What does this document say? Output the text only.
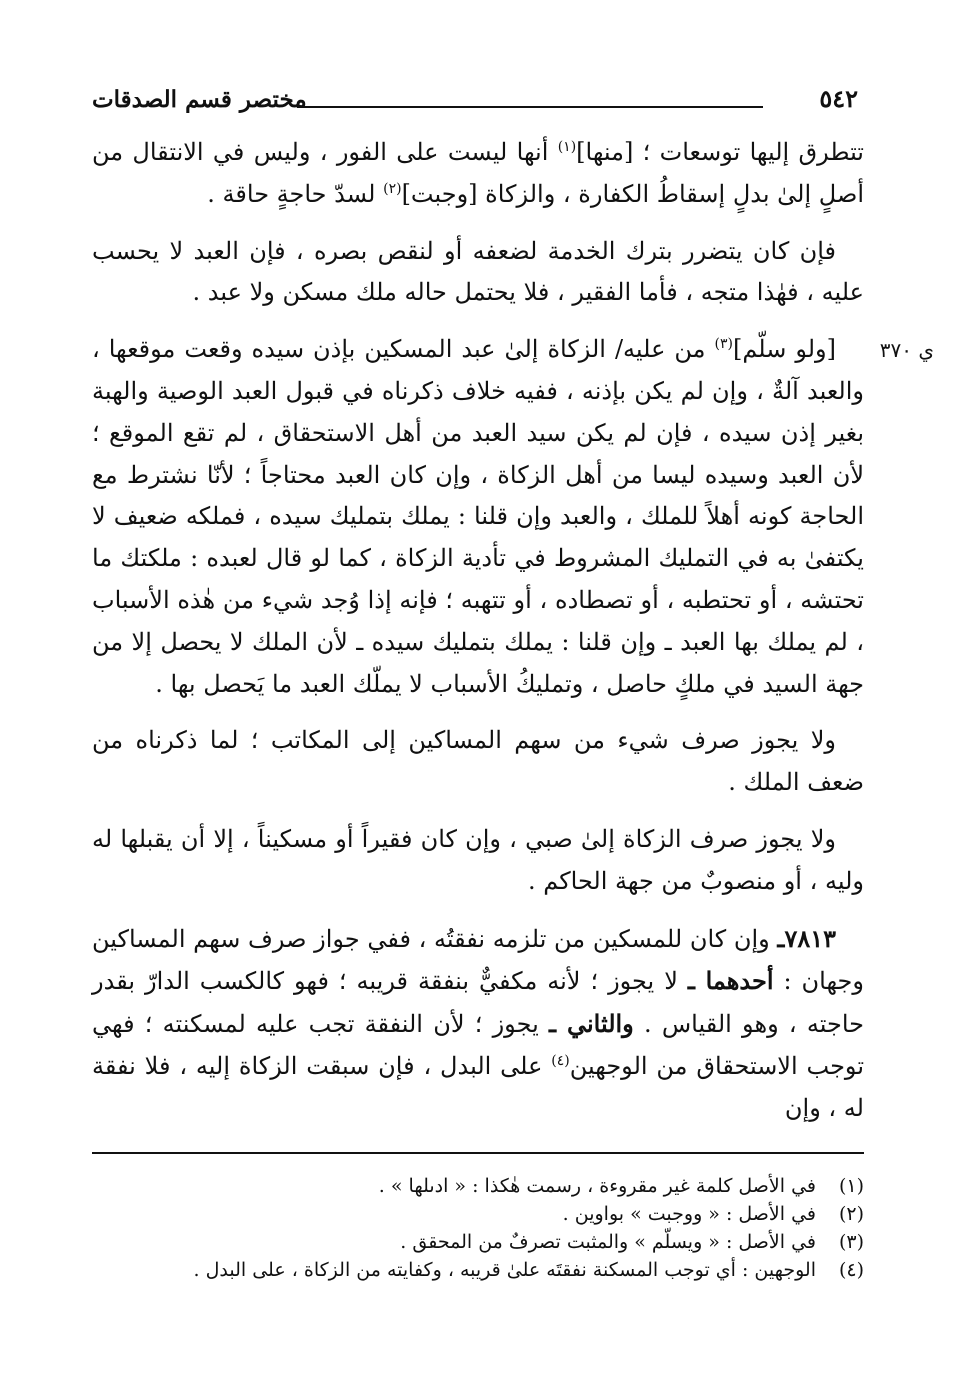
٥٤٢
مختصر قسم الصدقات
ي ٣٧٠

تتطرق إليها توسعات ؛ [منها]$^{(١)}$ أنها ليست على الفور ، وليس في الانتقال من أصلٍ إلىٰ بدلٍ إسقاطُ الكفارة ، والزكاة [وجبت]$^{(٢)}$ لسدّ حاجةٍ حاقة .

فإن كان يتضرر بترك الخدمة لضعفه أو لنقص بصره ، فإن العبد لا يحسب عليه ، فهٰذا متجه ، فأما الفقير ، فلا يحتمل حاله ملك مسكن ولا عبد .

[ولو سلّم]$^{(٣)}$ من عليه/ الزكاة إلىٰ عبد المسكين بإذن سيده وقعت موقعها ، والعبد آلةٌ ، وإن لم يكن بإذنه ، ففيه خلاف ذكرناه في قبول العبد الوصية والهبة بغير إذن سيده ، فإن لم يكن سيد العبد من أهل الاستحقاق ، لم تقع الموقع ؛ لأن العبد وسيده ليسا من أهل الزكاة ، وإن كان العبد محتاجاً ؛ لأنّا نشترط مع الحاجة كونه أهلاً للملك ، والعبد وإن قلنا : يملك بتمليك سيده ، فملكه ضعيف لا يكتفىٰ به في التمليك المشروط في تأدية الزكاة ، كما لو قال لعبده : ملكتك ما تحتشه ، أو تحتطبه ، أو تصطاده ، أو تتهبه ؛ فإنه إذا وُجد شيء من هٰذه الأسباب ، لم يملك بها العبد ـ وإن قلنا : يملك بتمليك سيده ـ لأن الملك لا يحصل إلا من جهة السيد في ملكٍ حاصل ، وتمليكُ الأسباب لا يملّك العبد ما يَحصل بها .

ولا يجوز صرف شيء من سهم المساكين إلى المكاتب ؛ لما ذكرناه من ضعف الملك .

ولا يجوز صرف الزكاة إلىٰ صبي ، وإن كان فقيراً أو مسكيناً ، إلا أن يقبلها له وليه ، أو منصوبٌ من جهة الحاكم .

٧٨١٣ـ وإن كان للمسكين من تلزمه نفقتُه ، ففي جواز صرف سهم المساكين وجهان : أحدهما ـ لا يجوز ؛ لأنه مكفيٌّ بنفقة قريبه ؛ فهو كالكسب الدارّ بقدر حاجته ، وهو القياس . والثاني ـ يجوز ؛ لأن النفقة تجب عليه لمسكنته ؛ فهي توجب الاستحقاق من الوجهين$^{(٤)}$ على البدل ، فإن سبقت الزكاة إليه ، فلا نفقة له ، وإن

(١)
في الأصل كلمة غير مقروءة ، رسمت هٰكذا : « ادىلها » .
(٢)
في الأصل : « ووجبت » بواوين .
(٣)
في الأصل : « ويسلّم » والمثبت تصرفٌ من المحقق .
(٤)
الوجهين : أي توجب المسكنة نفقتَه علىٰ قريبه ، وكفايته من الزكاة ، على البدل .
